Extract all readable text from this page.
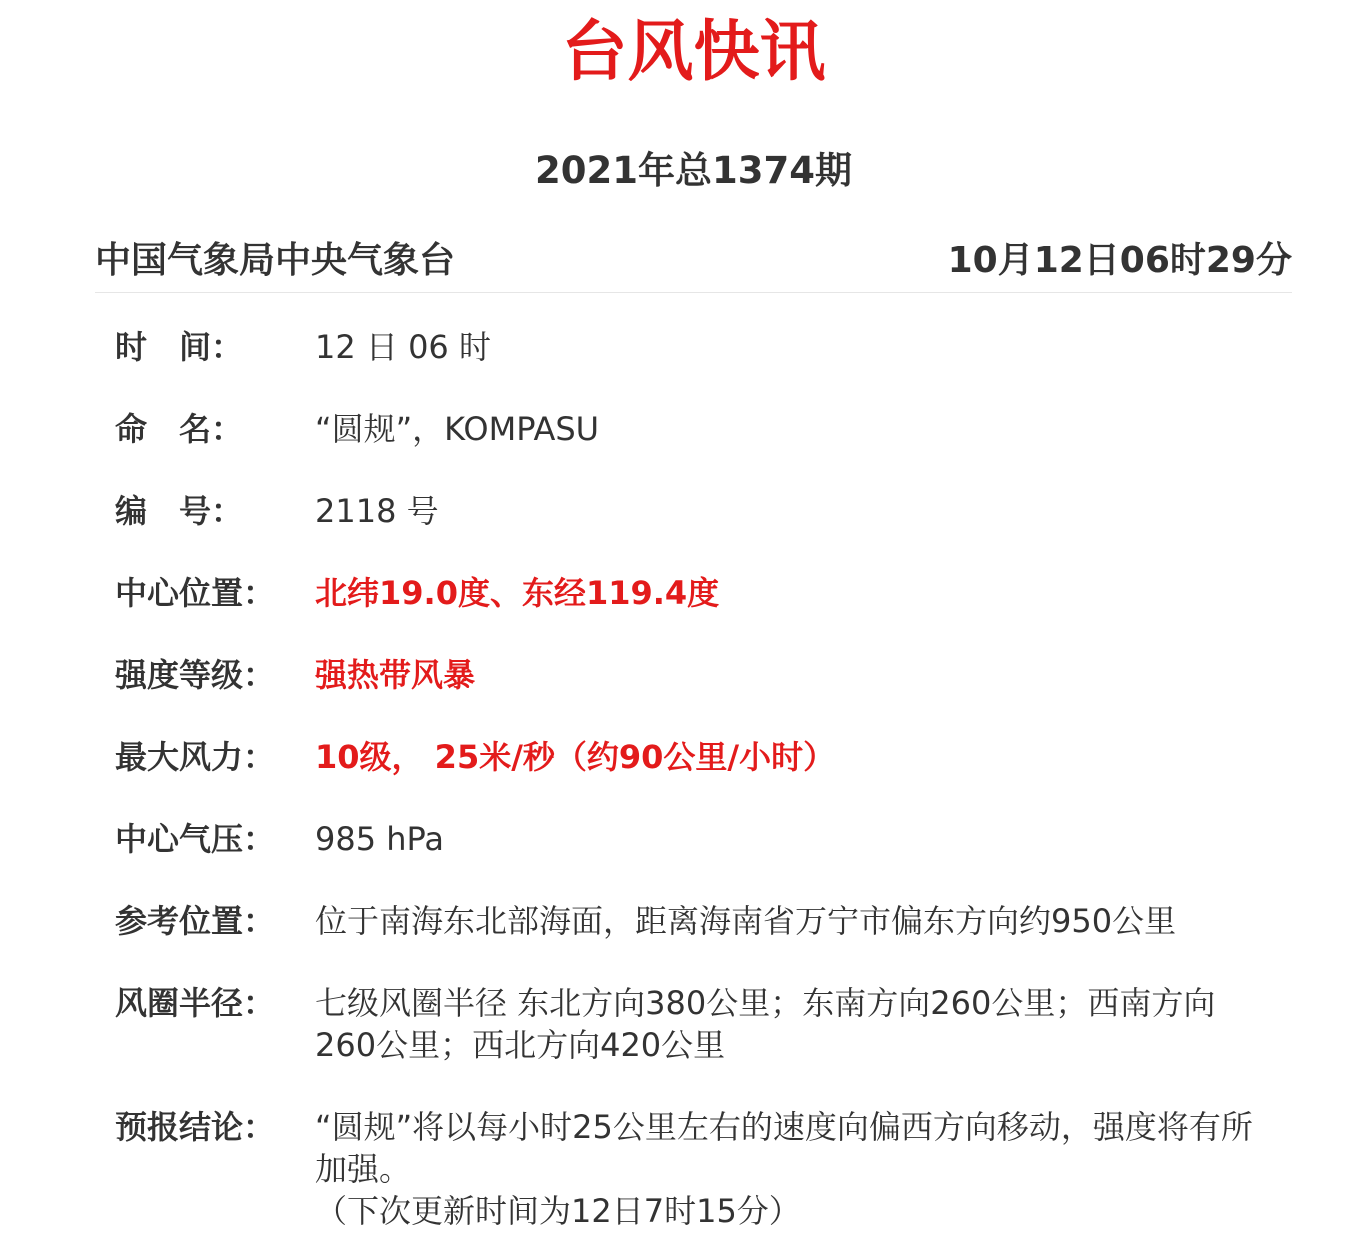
台风快讯
2021年总1374期
中国气象局中央气象台	10月12日06时29分
时　间：	12 日 06 时
命　名：	“圆规”，KOMPASU
编　号：	2118 号
中心位置：	北纬19.0度、东经119.4度
强度等级：	强热带风暴
最大风力：	10级， 25米/秒（约90公里/小时）
中心气压：	985 hPa
参考位置：	位于南海东北部海面，距离海南省万宁市偏东方向约950公里
风圈半径：	七级风圈半径 东北方向380公里；东南方向260公里；西南方向260公里；西北方向420公里
预报结论：	“圆规”将以每小时25公里左右的速度向偏西方向移动，强度将有所加强。
（下次更新时间为12日7时15分）
